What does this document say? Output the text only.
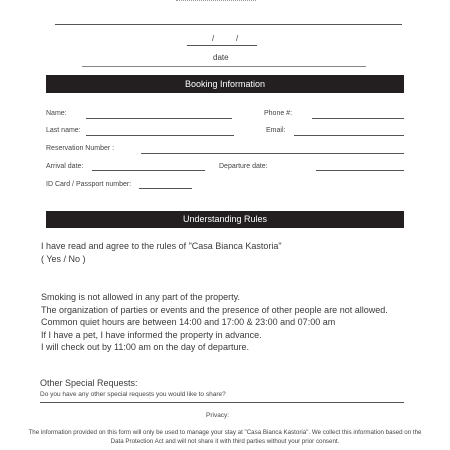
/	/
date
Booking Information
Name:	Phone #:
Last name:	Email:
Reservation Number :
Arrival date:	Departure date:
ID Card / Passport number:
Understanding Rules
I have read and agree to the rules of "Casa Bianca Kastoria"
( Yes / No )
Smoking is not allowed in any part of the property.
The organization of parties or events and the presence of other people are not allowed.
Common quiet hours are between 14:00 and 17:00 & 23:00 and 07:00 am
If I have a pet, I have informed the property in advance.
I will check out by 11:00 am on the day of departure.
Other Special Requests:
Do you have any other special requests you would like to share?
Privacy:
The information provided on this form will only be used to manage your stay at "Casa Bianca Kastoria". We collect this information based on the
Data Protection Act and will not share it with third parties without your prior consent.
